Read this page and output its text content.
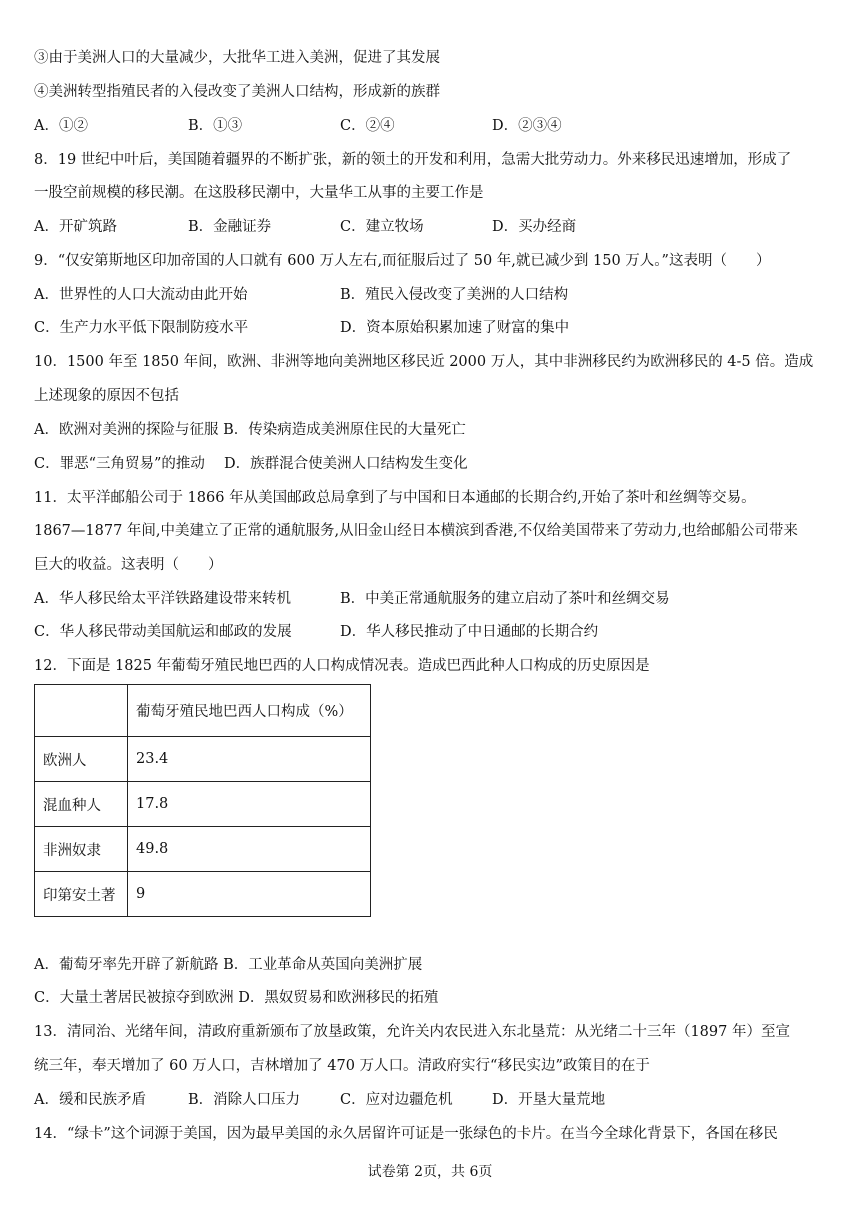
③由于美洲人口的大量减少，大批华工进入美洲，促进了其发展
④美洲转型指殖民者的入侵改变了美洲人口结构，形成新的族群
A．①②	B．①③	C．②④	D．②③④
8．19 世纪中叶后，美国随着疆界的不断扩张，新的领土的开发和利用，急需大批劳动力。外来移民迅速增加，形成了
一股空前规模的移民潮。在这股移民潮中，大量华工从事的主要工作是
A．开矿筑路	B．金融证券	C．建立牧场	D．买办经商
9．“仅安第斯地区印加帝国的人口就有 600 万人左右,而征服后过了 50 年,就已减少到 150 万人。”这表明（　　）
A．世界性的人口大流动由此开始	B．殖民入侵改变了美洲的人口结构
C．生产力水平低下限制防疫水平	D．资本原始积累加速了财富的集中
10．1500 年至 1850 年间，欧洲、非洲等地向美洲地区移民近 2000 万人，其中非洲移民约为欧洲移民的 4-5 倍。造成
上述现象的原因不包括
A．欧洲对美洲的探险与征服 B．传染病造成美洲原住民的大量死亡
C．罪恶“三角贸易”的推动　 D．族群混合使美洲人口结构发生变化
11．太平洋邮船公司于 1866 年从美国邮政总局拿到了与中国和日本通邮的长期合约,开始了茶叶和丝绸等交易。
1867—1877 年间,中美建立了正常的通航服务,从旧金山经日本横滨到香港,不仅给美国带来了劳动力,也给邮船公司带来
巨大的收益。这表明（　　）
A．华人移民给太平洋铁路建设带来转机	B．中美正常通航服务的建立启动了茶叶和丝绸交易
C．华人移民带动美国航运和邮政的发展	D．华人移民推动了中日通邮的长期合约
12．下面是 1825 年葡萄牙殖民地巴西的人口构成情况表。造成巴西此种人口构成的历史原因是
	葡萄牙殖民地巴西人口构成（%）
欧洲人	23.4
混血种人	17.8
非洲奴隶	49.8
印第安土著	9
A．葡萄牙率先开辟了新航路 B．工业革命从英国向美洲扩展
C．大量土著居民被掠夺到欧洲 D．黑奴贸易和欧洲移民的拓殖
13．清同治、光绪年间，清政府重新颁布了放垦政策，允许关内农民进入东北垦荒：从光绪二十三年（1897 年）至宣
统三年，奉天增加了 60 万人口，吉林增加了 470 万人口。清政府实行“移民实边”政策目的在于
A．缓和民族矛盾	B．消除人口压力	C．应对边疆危机	D．开垦大量荒地
14．“绿卡”这个词源于美国，因为最早美国的永久居留许可证是一张绿色的卡片。在当今全球化背景下，各国在移民
试卷第 2页，共 6页
